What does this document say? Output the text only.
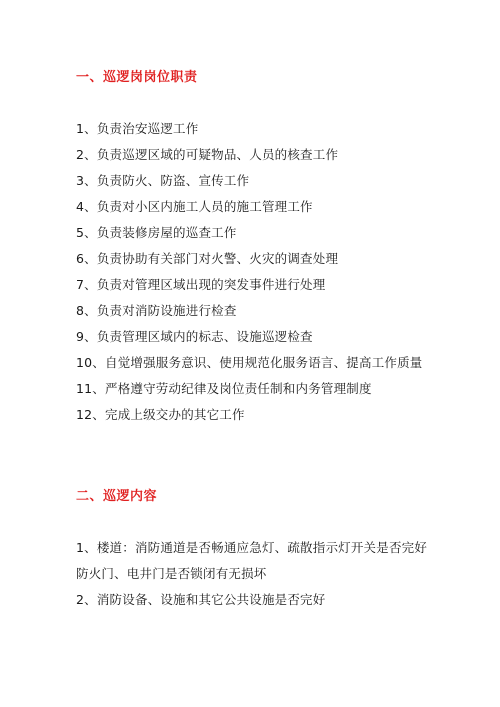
一、巡逻岗岗位职责
1、负责治安巡逻工作
2、负责巡逻区域的可疑物品、人员的核查工作
3、负责防火、防盗、宣传工作
4、负责对小区内施工人员的施工管理工作
5、负责装修房屋的巡查工作
6、负责协助有关部门对火警、火灾的调查处理
7、负责对管理区域出现的突发事件进行处理
8、负责对消防设施进行检查
9、负责管理区域内的标志、设施巡逻检查
10、自觉增强服务意识、使用规范化服务语言、提高工作质量
11、严格遵守劳动纪律及岗位责任制和内务管理制度
12、完成上级交办的其它工作
二、巡逻内容
1、楼道：消防通道是否畅通应急灯、疏散指示灯开关是否完好
防火门、电井门是否锁闭有无损坏
2、消防设备、设施和其它公共设施是否完好
